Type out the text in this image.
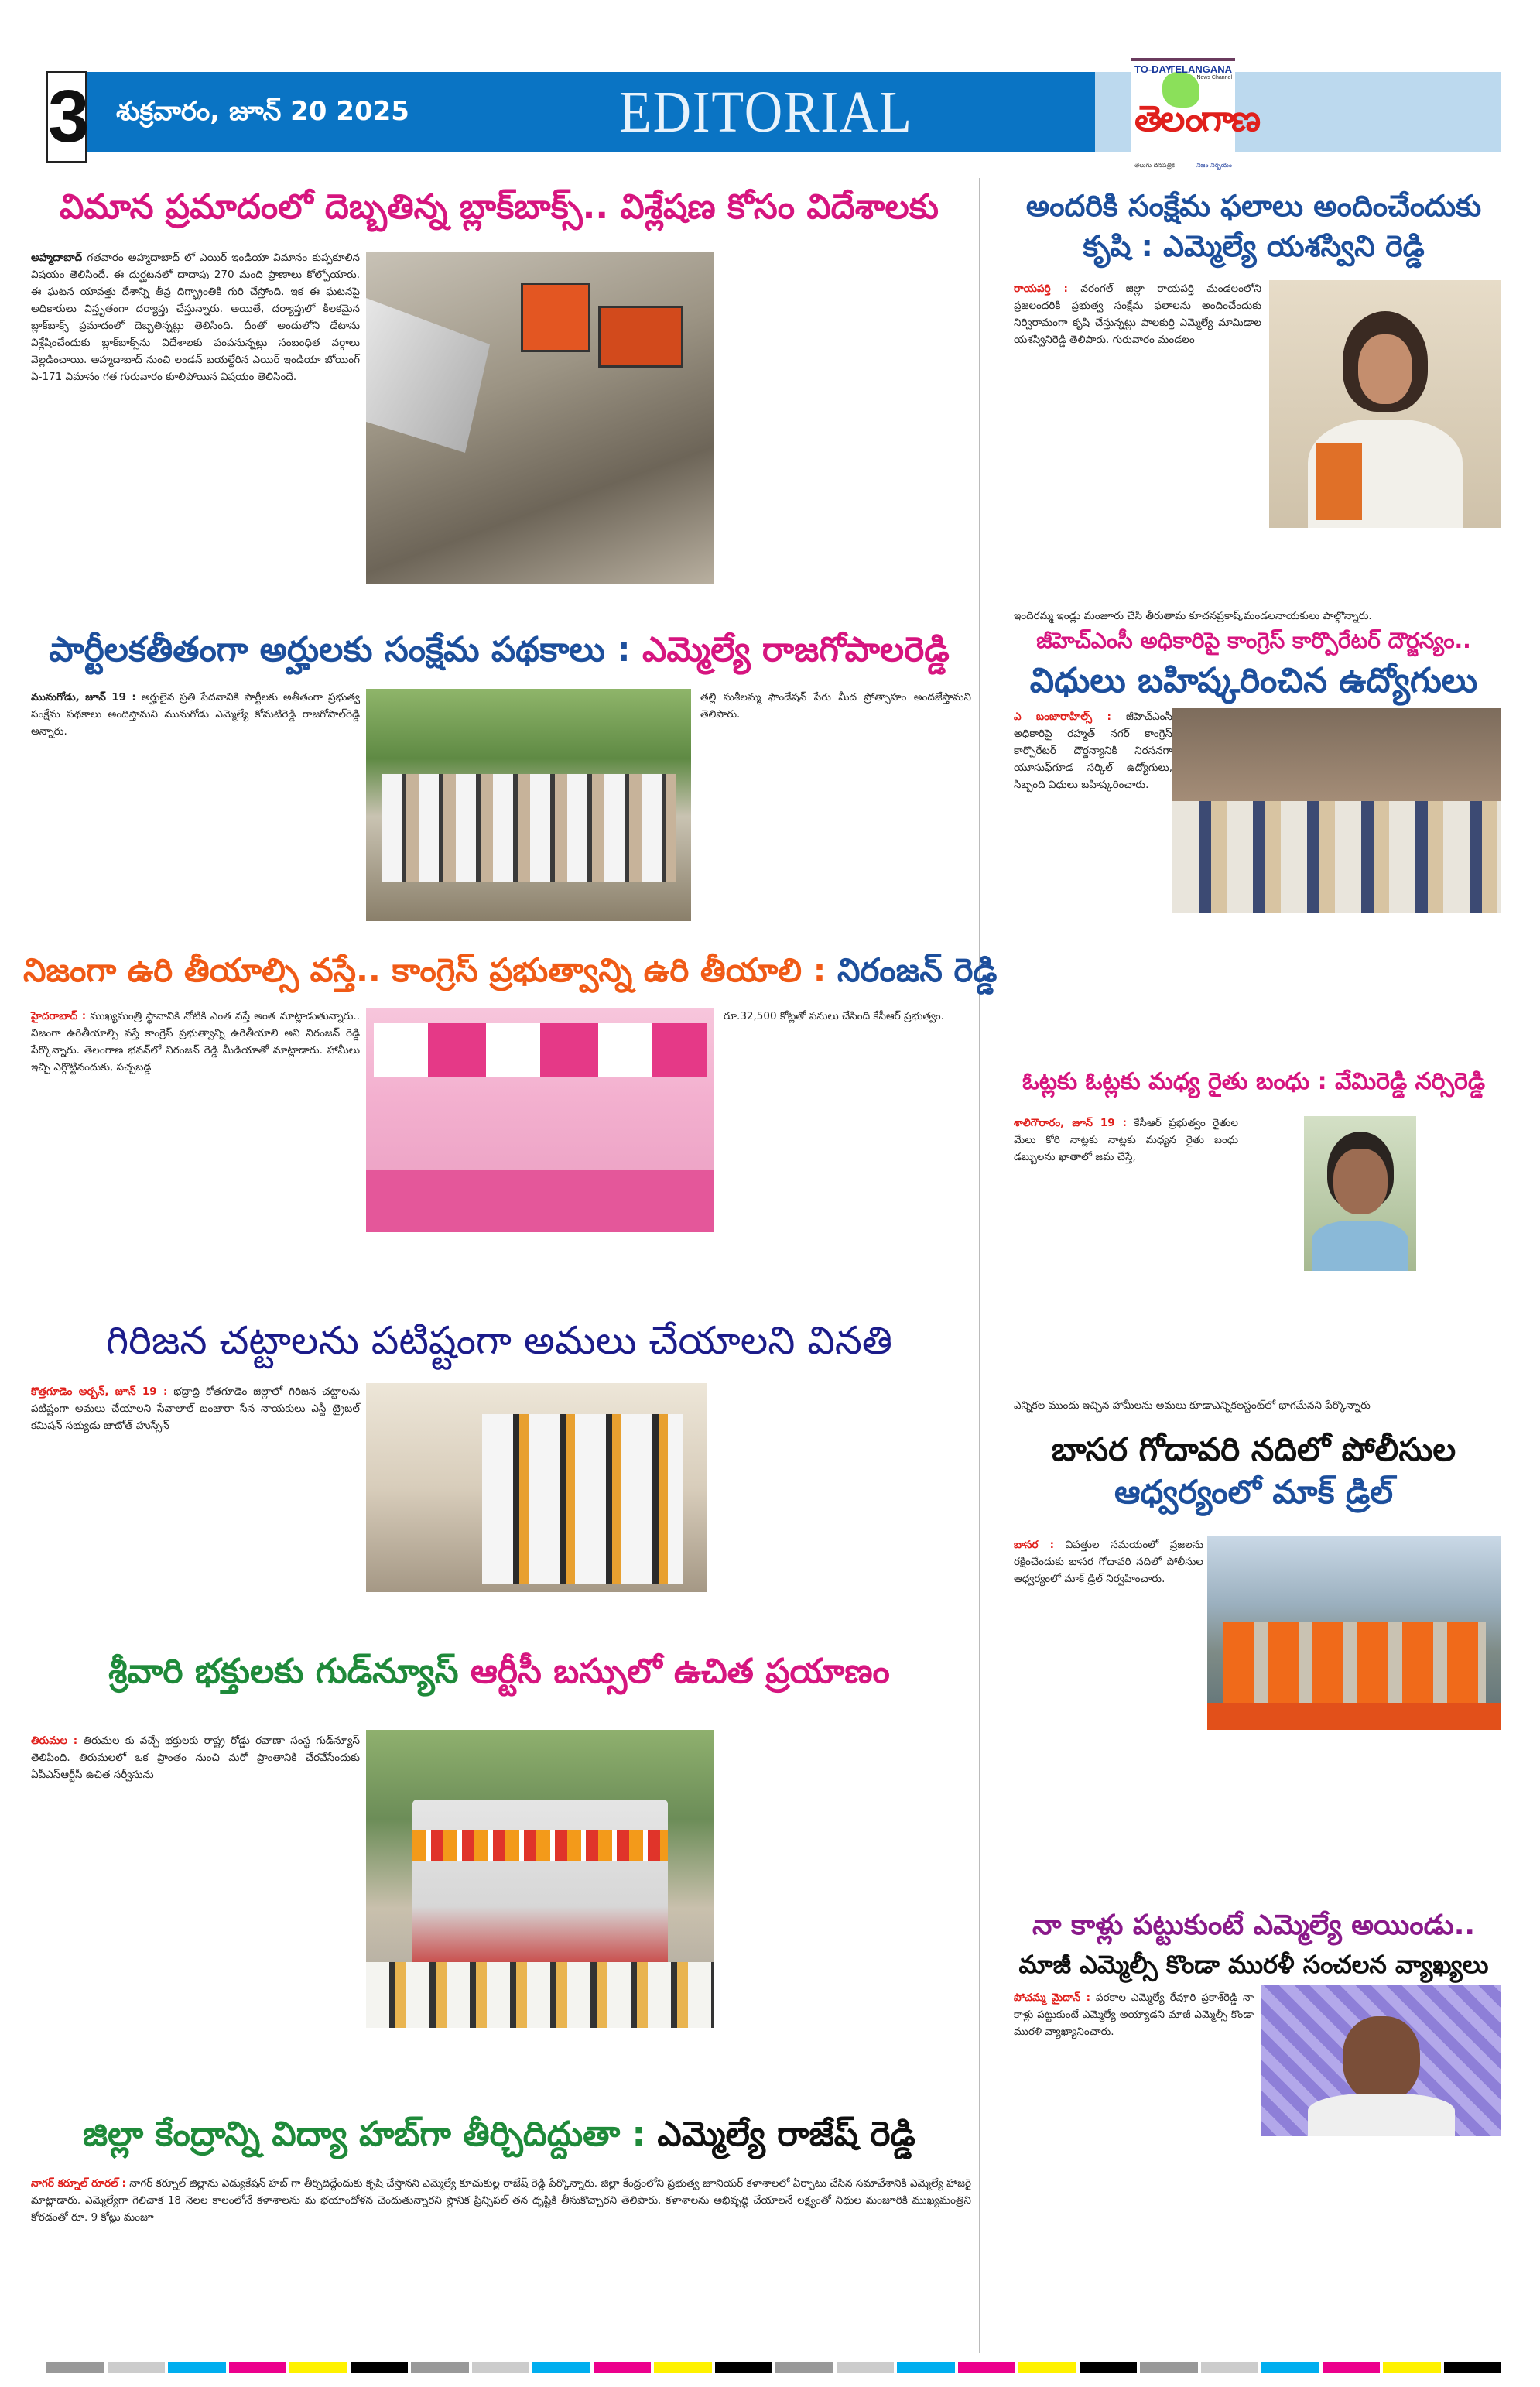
3 శుక్రవారం, జూన్ 20 2025	EDITORIAL
TO-DAY
TELANGANA
News Channel
తెలంగాణ
తెలుగు దినపత్రిక	నిజం నిర్భయం
విమాన ప్రమాదంలో దెబ్బతిన్న బ్లాక్‌బాక్స్.. విశ్లేషణ కోసం విదేశాలకు
అహ్మదాబాద్ గతవారం అహ్మదాబాద్ లో ఎయిర్ ఇండియా విమానం కుప్పకూలిన విషయం తెలిసిందే. ఈ దుర్ఘటనలో దాదాపు 270 మంది ప్రాణాలు కోల్పోయారు. ఈ ఘటన యావత్తు దేశాన్ని తీవ్ర దిగ్భ్రాంతికి గురి చేస్తోంది. ఇక ఈ ఘటనపై అధికారులు విస్తృతంగా దర్యాప్తు చేస్తున్నారు. అయితే, దర్యాప్తులో కీలకమైన బ్లాక్‌బాక్స్ ప్రమాదంలో దెబ్బతిన్నట్లు తెలిసింది. దీంతో అందులోని డేటాను విశ్లేషించేందుకు బ్లాక్‌బాక్స్‌ను విదేశాలకు పంపనున్నట్లు సంబంధిత వర్గాలు వెల్లడించాయి. అహ్మదాబాద్ నుంచి లండన్ బయల్దేరిన ఎయిర్ ఇండియా బోయింగ్ ఏ-171 విమానం గత గురువారం కూలిపోయిన విషయం తెలిసిందే.
అందరికి సంక్షేమ ఫలాలు అందించేందుకు
కృషి : ఎమ్మెల్యే యశస్విని రెడ్డి
రాయపర్తి : వరంగల్ జిల్లా రాయపర్తి మండలంలోని ప్రజలందరికి ప్రభుత్వ సంక్షేమ ఫలాలను అందించేందుకు నిర్విరామంగా కృషి చేస్తున్నట్లు పాలకుర్తి ఎమ్మెల్యే మామిడాల యశస్వినిరెడ్డి తెలిపారు. గురువారం మండలం
ఇందిరమ్మ ఇండ్లు మంజూరు చేసి తీరుతామ కూచనప్రకాష్,మండలనాయకులు పాల్గొన్నారు.
పార్టీలకతీతంగా అర్హులకు సంక్షేమ పథకాలు : ఎమ్మెల్యే రాజగోపాలరెడ్డి
మునుగోడు, జూన్ 19 : అర్హులైన ప్రతి పేదవానికి పార్టీలకు అతీతంగా ప్రభుత్వ సంక్షేమ పథకాలు అందిస్తామని మునుగోడు ఎమ్మెల్యే కోమటిరెడ్డి రాజగోపాల్‌రెడ్డి అన్నారు.
తల్లి సుశీలమ్మ ఫౌండేషన్ పేరు మీద ప్రోత్సాహం అందజేస్తామని తెలిపారు.
జీహెచ్‌ఎంసీ అధికారిపై కాంగ్రెస్ కార్పొరేటర్ దౌర్జన్యం..
విధులు బహిష్కరించిన ఉద్యోగులు
ఎ బంజారాహిల్స్ : జీహెచ్‌ఎంసీ అధికారిపై రహ్మత్ నగర్ కాంగ్రెస్ కార్పొరేటర్ దౌర్జన్యానికి నిరసనగా యూసుఫ్‌గూడ సర్కిల్ ఉద్యోగులు, సిబ్బంది విధులు బహిష్కరించారు.
నిజంగా ఉరి తీయాల్సి వస్తే.. కాంగ్రెస్ ప్రభుత్వాన్ని ఉరి తీయాలి : నిరంజన్ రెడ్డి
హైదరాబాద్ : ముఖ్యమంత్రి స్థానానికి నోటికి ఎంత వస్తే అంత మాట్లాడుతున్నారు.. నిజంగా ఉరితీయాల్సి వస్తే కాంగ్రెస్ ప్రభుత్వాన్ని ఉరితీయాలి అని నిరంజన్ రెడ్డి పేర్కొన్నారు. తెలంగాణ భవన్‌లో నిరంజన్ రెడ్డి మీడియాతో మాట్లాడారు. హామీలు ఇచ్చి ఎగ్గొట్టినందుకు, పచ్చబడ్డ
రూ.32,500 కోట్లతో పనులు చేసింది కేసీఆర్ ప్రభుత్వం.
ఓట్లకు ఓట్లకు మధ్య రైతు బంధు : వేమిరెడ్డి నర్సిరెడ్డి
శాలిగౌరారం, జూన్ 19 : కేసీఆర్ ప్రభుత్వం రైతుల మేలు కోరి నాట్లకు నాట్లకు మధ్యన రైతు బంధు డబ్బులను ఖాతాలో జమ చేస్తే,
ఎన్నికల ముందు ఇచ్చిన హామీలను అమలు కూడాఎన్నికలస్టంట్‌లో భాగమేనని పేర్కొన్నారు
గిరిజన చట్టాలను పటిష్టంగా అమలు చేయాలని వినతి
కొత్తగూడెం అర్బన్, జూన్ 19 : భద్రాద్రి కోతగూడెం జిల్లాలో గిరిజన చట్టాలను పటిష్టంగా అమలు చేయాలని సేవాలాల్ బంజారా సేన నాయకులు ఎస్టీ ట్రైబల్ కమిషన్ సభ్యుడు జాటోత్ హుస్సేన్
బాసర గోదావరి నదిలో పోలీసుల
ఆధ్వర్యంలో మాక్ డ్రిల్
బాసర : విపత్తుల సమయంలో ప్రజలను రక్షించేందుకు బాసర గోదావరి నదిలో పోలీసుల ఆధ్వర్యంలో మాక్ డ్రిల్ నిర్వహించారు.
శ్రీవారి భక్తులకు గుడ్‌న్యూస్ ఆర్టీసీ బస్సులో ఉచిత ప్రయాణం
తిరుమల : తిరుమల కు వచ్చే భక్తులకు రాష్ట్ర రోడ్డు రవాణా సంస్థ గుడ్‌న్యూస్ తెలిపింది. తిరుమలలో ఒక ప్రాంతం నుంచి మరో ప్రాంతానికి చేరవేసేందుకు ఏపీఎస్ఆర్టీసీ ఉచిత సర్వీసును
నా కాళ్లు పట్టుకుంటే ఎమ్మెల్యే అయిండు..
మాజీ ఎమ్మెల్సీ కొండా మురళీ సంచలన వ్యాఖ్యలు
పోచమ్మ మైదాన్ : పరకాల ఎమ్మెల్యే రేవూరి ప్రకాశ్‌రెడ్డి నా కాళ్లు పట్టుకుంటే ఎమ్మెల్యే అయ్యాడని మాజీ ఎమ్మెల్సీ కొండా మురళి వ్యాఖ్యానించారు.
జిల్లా కేంద్రాన్ని విద్యా హబ్‌గా తీర్చిదిద్దుతా : ఎమ్మెల్యే రాజేష్ రెడ్డి
నాగర్ కర్నూల్ రూరల్ : నాగర్ కర్నూల్ జిల్లాను ఎడ్యుకేషన్ హబ్ గా తీర్చిదిద్దేందుకు కృషి చేస్తానని ఎమ్మెల్యే కూచుకుల్ల రాజేష్ రెడ్డి పేర్కొన్నారు. జిల్లా కేంద్రంలోని ప్రభుత్వ జూనియర్ కళాశాలలో ఏర్పాటు చేసిన సమావేశానికి ఎమ్మెల్యే హాజరై మాట్లాడారు. ఎమ్మెల్యేగా గెలిచాక 18 నెలల కాలంలోనే కళాశాలను మ భయాందోళన చెందుతున్నారని స్థానిక ప్రిన్సిపల్ తన దృష్టికి తీసుకొచ్చారని తెలిపారు. కళాశాలను అభివృద్ధి చేయాలనే లక్ష్యంతో నిధుల మంజూరికి ముఖ్యమంత్రిని కోరడంతో రూ. 9 కోట్లు మంజూ
